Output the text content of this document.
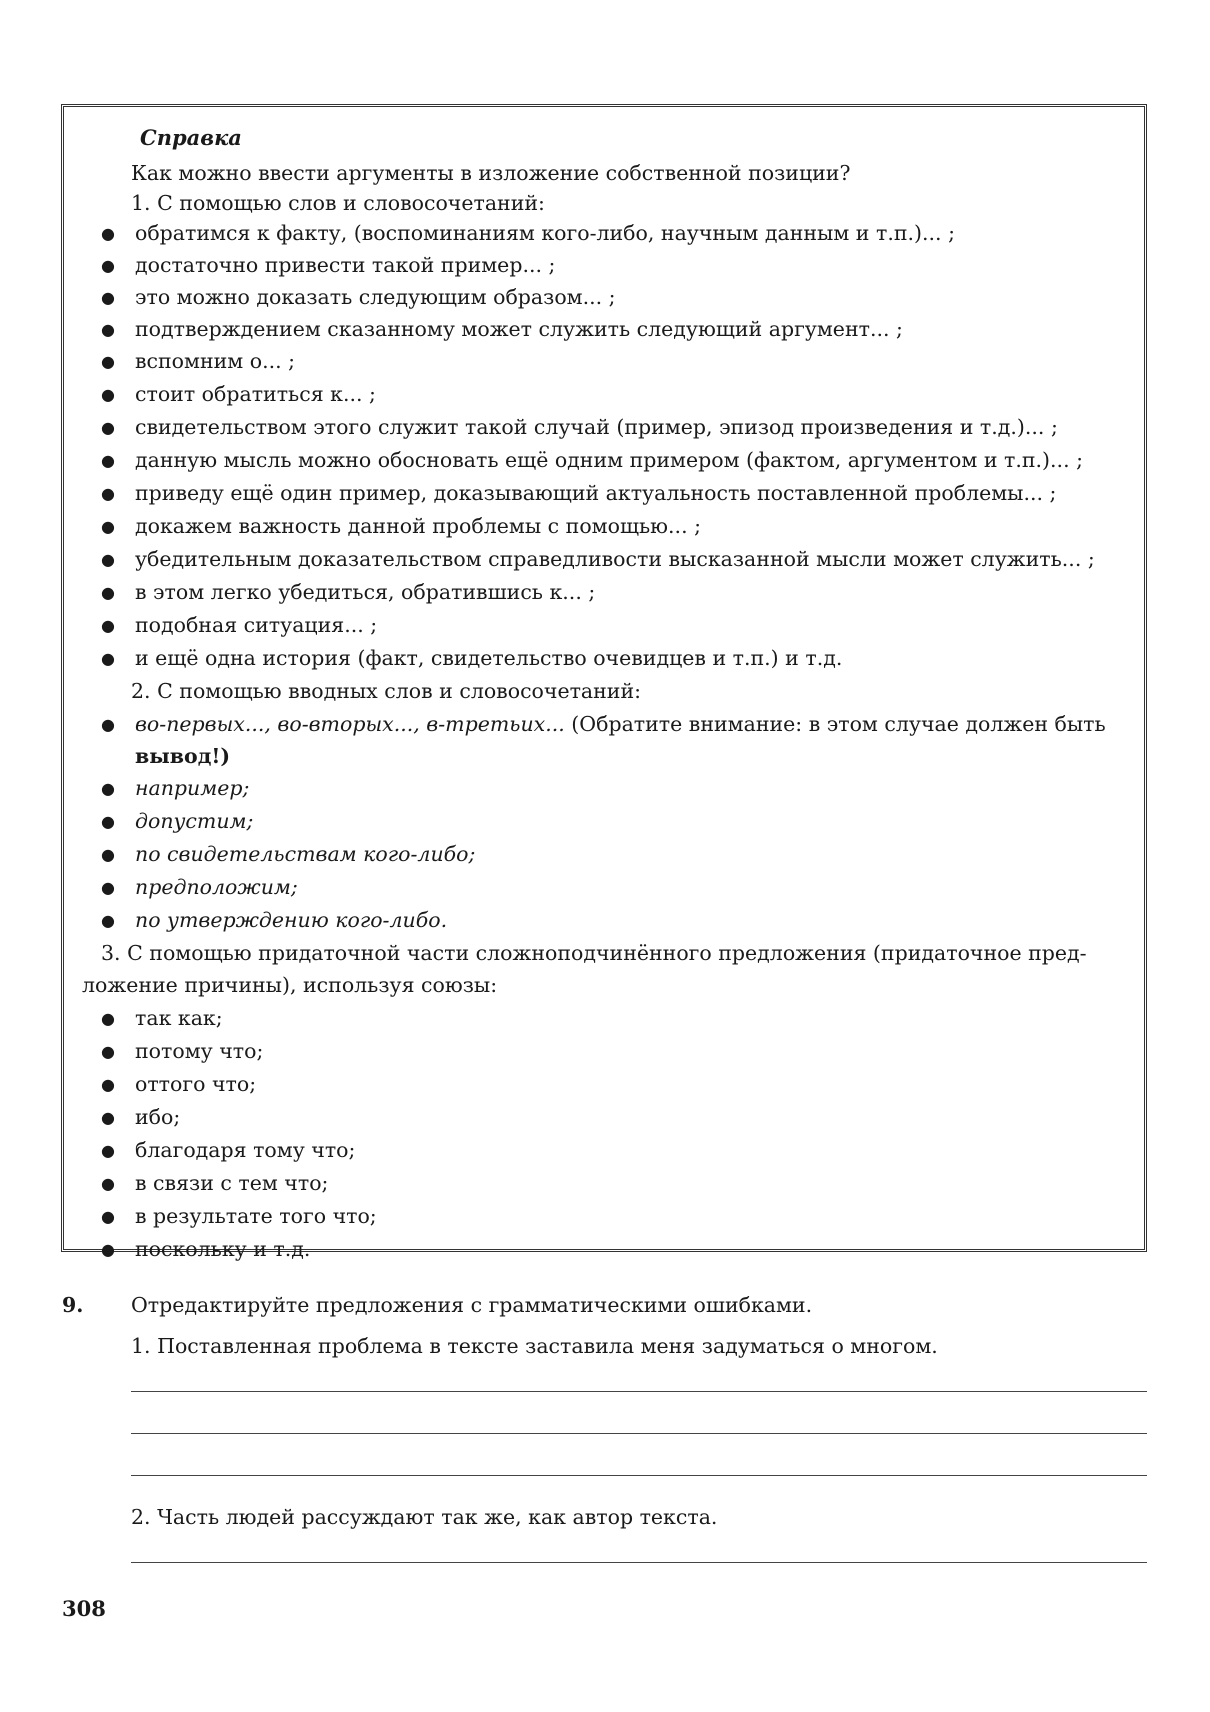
Справка
Как можно ввести аргументы в изложение собственной позиции?
1. С помощью слов и словосочетаний:
● обратимся к факту, (воспоминаниям кого-либо, научным данным и т.п.)... ;
● достаточно привести такой пример... ;
● это можно доказать следующим образом... ;
● подтверждением сказанному может служить следующий аргумент... ;
● вспомним о... ;
● стоит обратиться к... ;
● свидетельством этого служит такой случай (пример, эпизод произведения и т.д.)... ;
● данную мысль можно обосновать ещё одним примером (фактом, аргументом и т.п.)... ;
● приведу ещё один пример, доказывающий актуальность поставленной проблемы... ;
● докажем важность данной проблемы с помощью... ;
● убедительным доказательством справедливости высказанной мысли может служить... ;
● в этом легко убедиться, обратившись к... ;
● подобная ситуация... ;
● и ещё одна история (факт, свидетельство очевидцев и т.п.) и т.д.
2. С помощью вводных слов и словосочетаний:
● во-первых..., во-вторых..., в-третьих... (Обратите внимание: в этом случае должен быть
вывод!)
● например;
● допустим;
● по свидетельствам кого-либо;
● предположим;
● по утверждению кого-либо.
3. С помощью придаточной части сложноподчинённого предложения (придаточное пред-
ложение причины), используя союзы:
● так как;
● потому что;
● оттого что;
● ибо;
● благодаря тому что;
● в связи с тем что;
● в результате того что;
● поскольку и т.д.
9. Отредактируйте предложения с грамматическими ошибками.
1. Поставленная проблема в тексте заставила меня задуматься о многом.
2. Часть людей рассуждают так же, как автор текста.
308
